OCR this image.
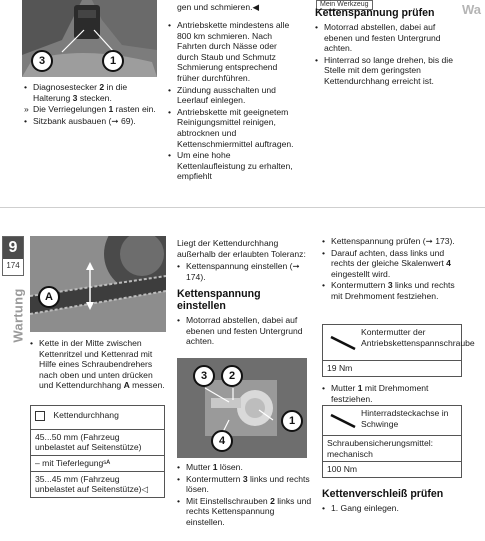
3	1
• Diagnosestecker 2 in die Halterung 3 stecken.
» Die Verriegelungen 1 rasten ein.
• Sitzbank ausbauen (➞ 69).
gen und schmieren.◀
• Antriebskette mindestens alle 800 km schmieren. Nach Fahrten durch Nässe oder durch Staub und Schmutz Schmierung entsprechend früher durchführen.
• Zündung ausschalten und Leerlauf einlegen.
• Antriebskette mit geeignetem Reinigungsmittel reinigen, abtrocknen und Kettenschmiermittel auftragen.
• Um eine hohe Kettenlaufleistung zu erhalten, empfiehlt
Mein Werkzeug
Kettenspannung prüfen
• Motorrad abstellen, dabei auf ebenen und festen Untergrund achten.
• Hinterrad so lange drehen, bis die Stelle mit dem geringsten Kettendurchhang erreicht ist.
Wa
9
174
Wartung	A
• Kette in der Mitte zwischen Kettenritzel und Kettenrad mit Hilfe eines Schraubendrehers nach oben und unten drücken und Kettendurchhang A messen.
Kettendurchhang
45...50 mm (Fahrzeug unbelastet auf Seitenstütze)
– mit Tieferlegungˢᴬ
35...45 mm (Fahrzeug unbelastet auf Seitenstütze)◁
Liegt der Kettendurchhang außerhalb der erlaubten Toleranz:
• Kettenspannung einstellen (➞ 174).
Kettenspannung einstellen
• Motorrad abstellen, dabei auf ebenen und festen Untergrund achten.
3	2
1
4
• Mutter 1 lösen.
• Kontermuttern 3 links und rechts lösen.
• Mit Einstellschrauben 2 links und rechts Kettenspannung einstellen.
• Kettenspannung prüfen (➞ 173).
• Darauf achten, dass links und rechts der gleiche Skalenwert 4 eingestellt wird.
• Kontermuttern 3 links und rechts mit Drehmoment festziehen.
Kontermutter der Antriebskettenspannschraube
19 Nm
• Mutter 1 mit Drehmoment festziehen.
Hinterradsteckachse in Schwinge
Schraubensicherungsmittel: mechanisch
100 Nm
Kettenverschleiß prüfen
• 1. Gang einlegen.
